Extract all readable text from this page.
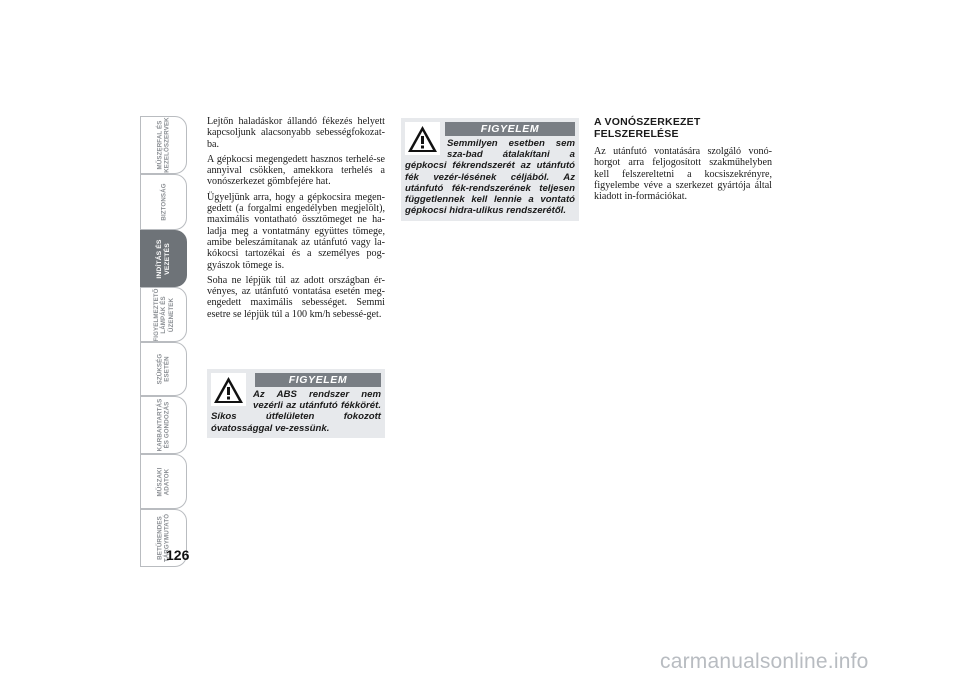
MŰSZERFAL ÉS
KEZELŐSZERVEK
BIZTONSÁG
INDÍTÁS ÉS
VEZETÉS
FIGYELMEZTETŐ
LÁMPÁK ÉS
ÜZENETEK
SZÜKSÉG
ESETÉN
KARBANTARTÁS
ÉS GONDOZÁS
MŰSZAKI
ADATOK
BETŰRENDES
TÁRGYMUTATÓ
126

Lejtőn haladáskor állandó fékezés helyett kapcsoljunk alacsonyabb sebességfokozat-ba.

A gépkocsi megengedett hasznos terhelé-se annyival csökken, amekkora terhelés a vonószerkezet gömbfejére hat.

Ügyeljünk arra, hogy a gépkocsira megen-gedett (a forgalmi engedélyben megjelölt), maximális vontatható össztömeget ne ha-ladja meg a vontatmány együttes tömege, amibe beleszámítanak az utánfutó vagy la-kókocsi tartozékai és a személyes pog-gyászok tömege is.

Soha ne lépjük túl az adott országban ér-vényes, az utánfutó vontatása esetén meg-engedett maximális sebességet. Semmi esetre se lépjük túl a 100 km/h sebessé-get.

FIGYELEM
Az ABS rendszer nem vezérli az utánfutó fékkörét. Síkos útfelületen fokozott óvatossággal ve-zessünk.
FIGYELEM
Semmilyen esetben sem sza-bad átalakítani a gépkocsi fékrendszerét az utánfutó fék vezér-lésének céljából. Az utánfutó fék-rendszerének teljesen függetlennek kell lennie a vontató gépkocsi hidra-ulikus rendszerétől.
A VONÓSZERKEZET FELSZERELÉSE

Az utánfutó vontatására szolgáló vonó-horgot arra feljogosított szakműhelyben kell felszereltetni a kocsiszekrényre, figyelembe véve a szerkezet gyártója által kiadott in-formációkat.

carmanualsonline.info
